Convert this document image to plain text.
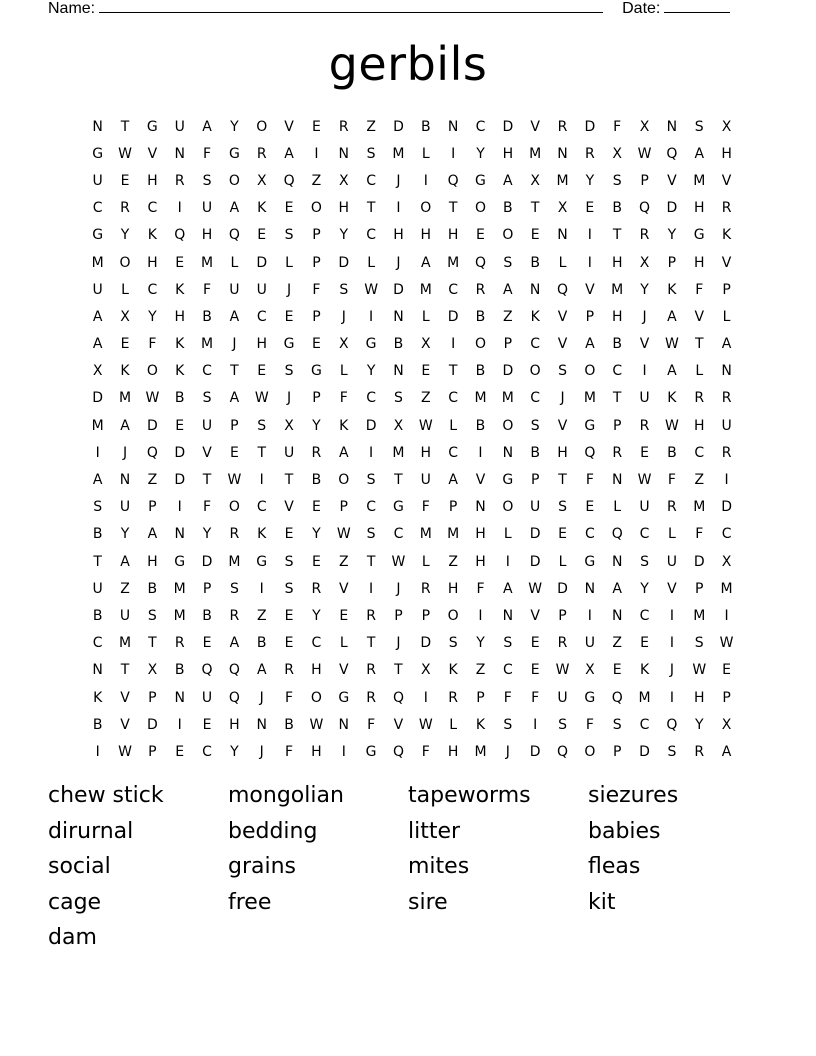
Name:	Date:
gerbils
N	T	G	U	A	Y	O	V	E	R	Z	D	B	N	C	D	V	R	D	F	X	N	S	X
G	W	V	N	F	G	R	A	I	N	S	M	L	I	Y	H	M	N	R	X	W	Q	A	H
U	E	H	R	S	O	X	Q	Z	X	C	J	I	Q	G	A	X	M	Y	S	P	V	M	V
C	R	C	I	U	A	K	E	O	H	T	I	O	T	O	B	T	X	E	B	Q	D	H	R
G	Y	K	Q	H	Q	E	S	P	Y	C	H	H	H	E	O	E	N	I	T	R	Y	G	K
M	O	H	E	M	L	D	L	P	D	L	J	A	M	Q	S	B	L	I	H	X	P	H	V
U	L	C	K	F	U	U	J	F	S	W	D	M	C	R	A	N	Q	V	M	Y	K	F	P
A	X	Y	H	B	A	C	E	P	J	I	N	L	D	B	Z	K	V	P	H	J	A	V	L
A	E	F	K	M	J	H	G	E	X	G	B	X	I	O	P	C	V	A	B	V	W	T	A
X	K	O	K	C	T	E	S	G	L	Y	N	E	T	B	D	O	S	O	C	I	A	L	N
D	M	W	B	S	A	W	J	P	F	C	S	Z	C	M	M	C	J	M	T	U	K	R	R
M	A	D	E	U	P	S	X	Y	K	D	X	W	L	B	O	S	V	G	P	R	W	H	U
I	J	Q	D	V	E	T	U	R	A	I	M	H	C	I	N	B	H	Q	R	E	B	C	R
A	N	Z	D	T	W	I	T	B	O	S	T	U	A	V	G	P	T	F	N	W	F	Z	I
S	U	P	I	F	O	C	V	E	P	C	G	F	P	N	O	U	S	E	L	U	R	M	D
B	Y	A	N	Y	R	K	E	Y	W	S	C	M	M	H	L	D	E	C	Q	C	L	F	C
T	A	H	G	D	M	G	S	E	Z	T	W	L	Z	H	I	D	L	G	N	S	U	D	X
U	Z	B	M	P	S	I	S	R	V	I	J	R	H	F	A	W	D	N	A	Y	V	P	M
B	U	S	M	B	R	Z	E	Y	E	R	P	P	O	I	N	V	P	I	N	C	I	M	I
C	M	T	R	E	A	B	E	C	L	T	J	D	S	Y	S	E	R	U	Z	E	I	S	W
N	T	X	B	Q	Q	A	R	H	V	R	T	X	K	Z	C	E	W	X	E	K	J	W	E
K	V	P	N	U	Q	J	F	O	G	R	Q	I	R	P	F	F	U	G	Q	M	I	H	P
B	V	D	I	E	H	N	B	W	N	F	V	W	L	K	S	I	S	F	S	C	Q	Y	X
I	W	P	E	C	Y	J	F	H	I	G	Q	F	H	M	J	D	Q	O	P	D	S	R	A
chew stick	mongolian	tapeworms	siezures
dirurnal	bedding	litter	babies
social	grains	mites	fleas
cage	free	sire	kit
dam
